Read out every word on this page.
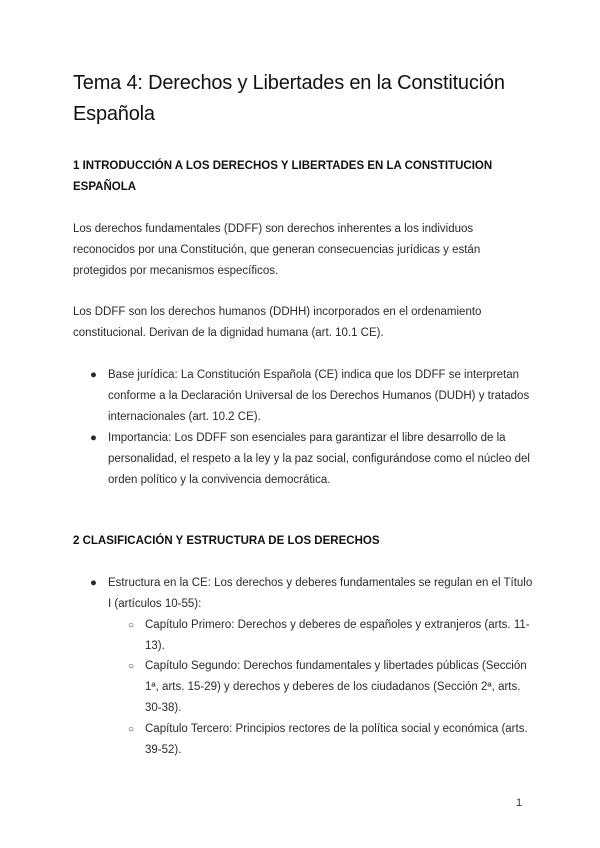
Tema 4: Derechos y Libertades en la Constitución Española
1 INTRODUCCIÓN A LOS DERECHOS Y LIBERTADES EN LA CONSTITUCION ESPAÑOLA

Los derechos fundamentales (DDFF) son derechos inherentes a los individuos reconocidos por una Constitución, que generan consecuencias jurídicas y están protegidos por mecanismos específicos.

Los DDFF son los derechos humanos (DDHH) incorporados en el ordenamiento constitucional. Derivan de la dignidad humana (art. 10.1 CE).

● Base jurídica: La Constitución Española (CE) indica que los DDFF se interpretan conforme a la Declaración Universal de los Derechos Humanos (DUDH) y tratados internacionales (art. 10.2 CE).
● Importancia: Los DDFF son esenciales para garantizar el libre desarrollo de la personalidad, el respeto a la ley y la paz social, configurándose como el núcleo del orden político y la convivencia democrática.
2 CLASIFICACIÓN Y ESTRUCTURA DE LOS DERECHOS
● Estructura en la CE: Los derechos y deberes fundamentales se regulan en el Título I (artículos 10-55):
○ Capítulo Primero: Derechos y deberes de españoles y extranjeros (arts. 11-13).
○ Capítulo Segundo: Derechos fundamentales y libertades públicas (Sección 1ª, arts. 15-29) y derechos y deberes de los ciudadanos (Sección 2ª, arts. 30-38).
○ Capítulo Tercero: Principios rectores de la política social y económica (arts. 39-52).
1
